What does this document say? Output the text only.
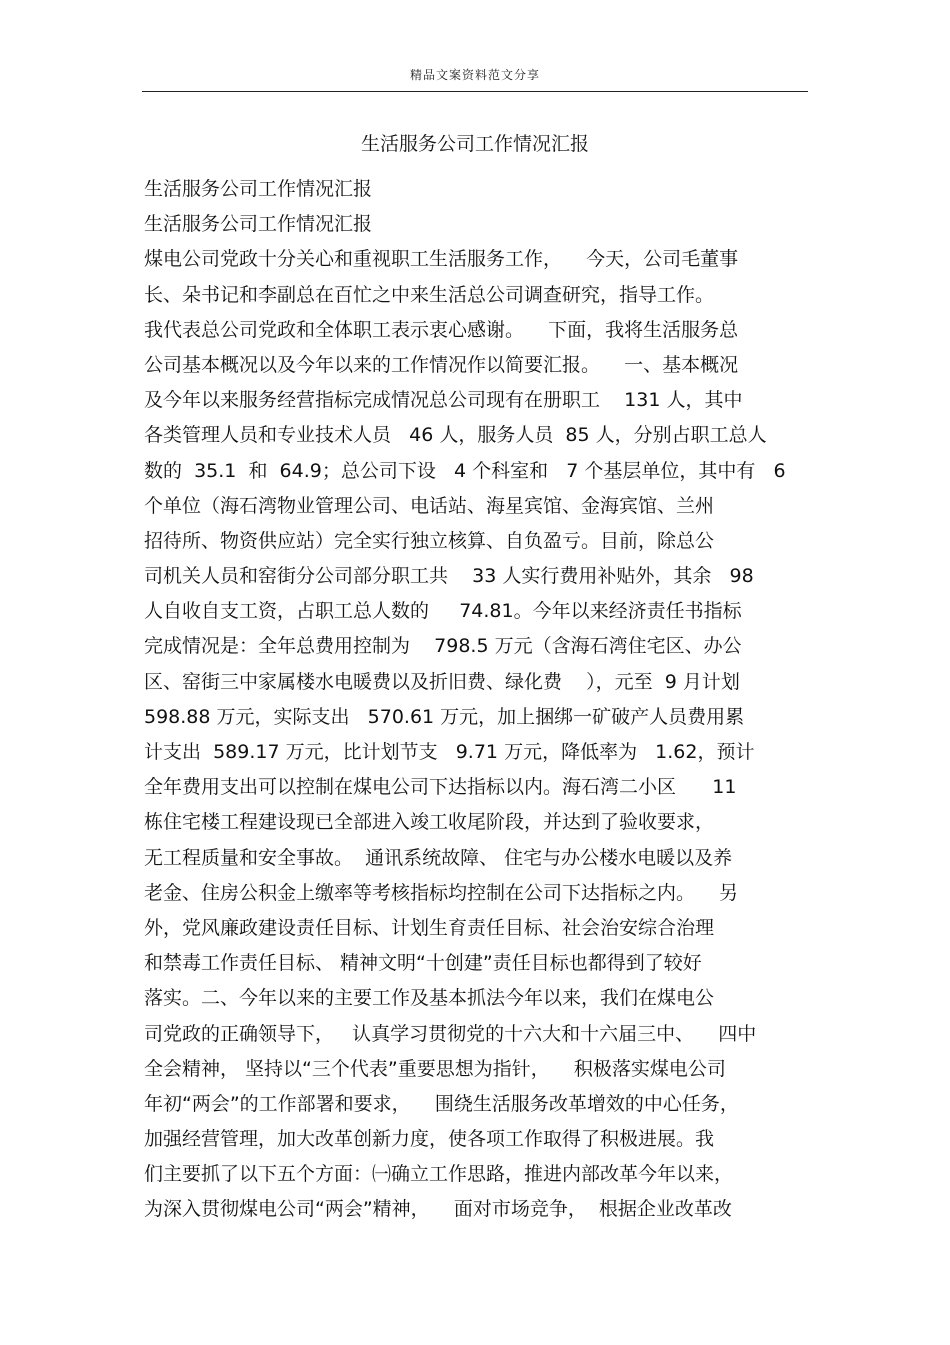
精品文案资料范文分享
生活服务公司工作情况汇报
生活服务公司工作情况汇报
生活服务公司工作情况汇报
煤电公司党政十分关心和重视职工生活服务工作，    今天，公司毛董事
长、朵书记和李副总在百忙之中来生活总公司调查研究，指导工作。
我代表总公司党政和全体职工表示衷心感谢。    下面，我将生活服务总
公司基本概况以及今年以来的工作情况作以简要汇报。    一、基本概况
及今年以来服务经营指标完成情况总公司现有在册职工    131 人，其中
各类管理人员和专业技术人员   46 人，服务人员  85 人，分别占职工总人
数的  35.1  和  64.9；总公司下设   4 个科室和   7 个基层单位，其中有   6
个单位（海石湾物业管理公司、电话站、海星宾馆、金海宾馆、兰州
招待所、物资供应站）完全实行独立核算、自负盈亏。目前，除总公
司机关人员和窑街分公司部分职工共    33 人实行费用补贴外，其余   98
人自收自支工资，占职工总人数的     74.81。今年以来经济责任书指标
完成情况是：全年总费用控制为    798.5 万元（含海石湾住宅区、办公
区、窑街三中家属楼水电暖费以及折旧费、绿化费    ），元至  9 月计划
598.88 万元，实际支出   570.61 万元，加上捆绑一矿破产人员费用累
计支出  589.17 万元，比计划节支   9.71 万元，降低率为   1.62，预计
全年费用支出可以控制在煤电公司下达指标以内。海石湾二小区      11
栋住宅楼工程建设现已全部进入竣工收尾阶段，并达到了验收要求，
无工程质量和安全事故。  通讯系统故障、 住宅与办公楼水电暖以及养
老金、住房公积金上缴率等考核指标均控制在公司下达指标之内。    另
外，党风廉政建设责任目标、计划生育责任目标、社会治安综合治理
和禁毒工作责任目标、 精神文明“十创建”责任目标也都得到了较好
落实。二、今年以来的主要工作及基本抓法今年以来，我们在煤电公
司党政的正确领导下，   认真学习贯彻党的十六大和十六届三中、    四中
全会精神， 坚持以“三个代表”重要思想为指针，    积极落实煤电公司
年初“两会”的工作部署和要求，    围绕生活服务改革增效的中心任务，
加强经营管理，加大改革创新力度，使各项工作取得了积极进展。我
们主要抓了以下五个方面：㈠确立工作思路，推进内部改革今年以来，
为深入贯彻煤电公司“两会”精神，    面对市场竞争，  根据企业改革改
